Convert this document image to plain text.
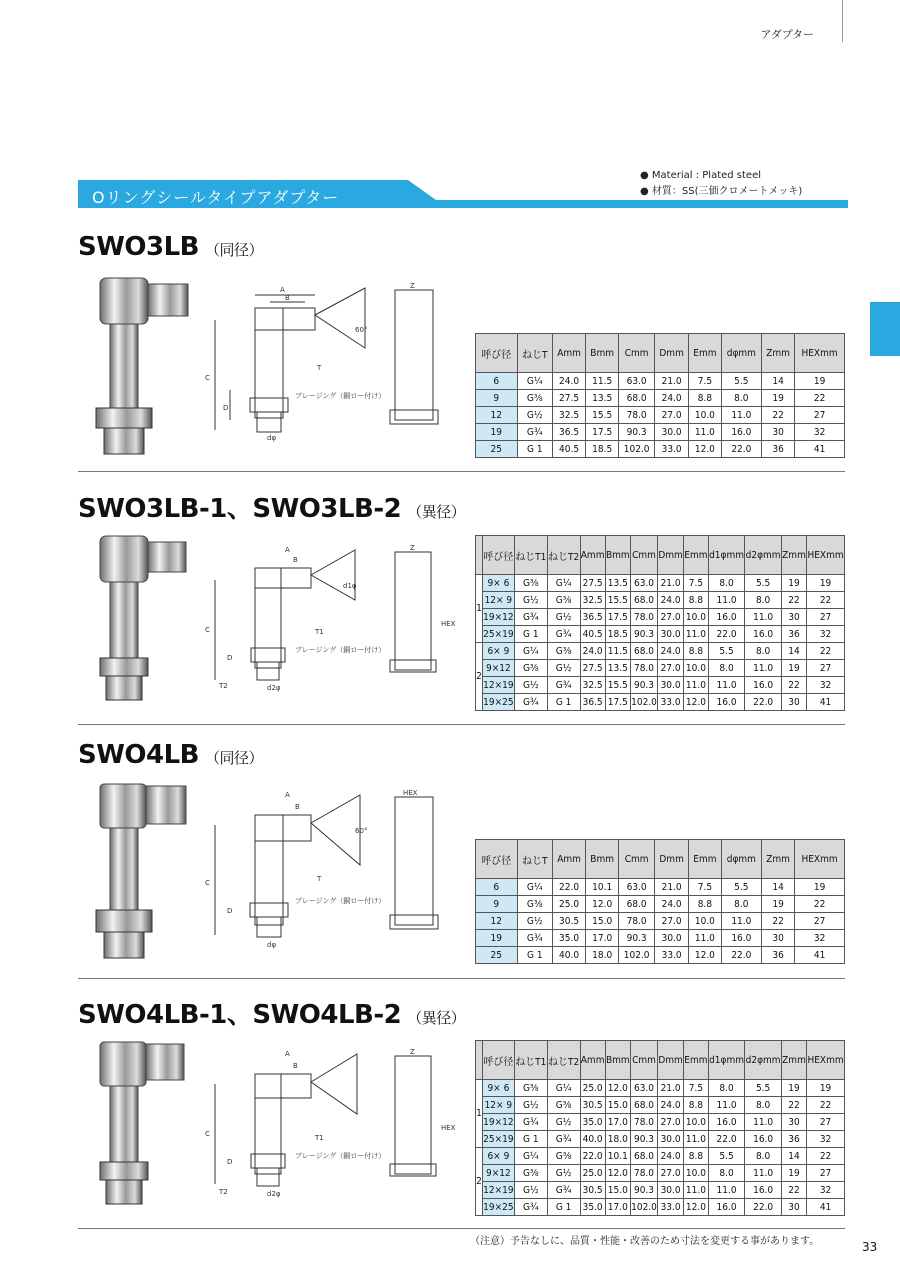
アダプター
Oリングシールタイプアダプター
● Material : Plated steel
● 材質：SS(三価クロメートメッキ)
SWO3LB （同径）
A
B
C
D
T
ブレージング（銅ロー付け）
Z
dφ
60°
呼び径	ねじT	Amm	Bmm	Cmm	Dmm	Emm	dφmm	Zmm	HEXmm
6	G¼	24.0	11.5	63.0	21.0	7.5	5.5	14	19
9	G⅜	27.5	13.5	68.0	24.0	8.8	8.0	19	22
12	G½	32.5	15.5	78.0	27.0	10.0	11.0	22	27
19	G¾	36.5	17.5	90.3	30.0	11.0	16.0	30	32
25	G 1	40.5	18.5	102.0	33.0	12.0	22.0	36	41
SWO3LB-1、SWO3LB-2 （異径）
A
B
C
D
T1
ブレージング（銅ロー付け）
T2	d2φ
d1φ
Z
HEX
	呼び径	ねじT1	ねじT2	Amm	Bmm	Cmm	Dmm	Emm	d1φmm	d2φmm	Zmm	HEXmm
1	9× 6	G⅜	G¼	27.5	13.5	63.0	21.0	7.5	8.0	5.5	19	19
	12× 9	G½	G⅜	32.5	15.5	68.0	24.0	8.8	11.0	8.0	22	22
	19×12	G¾	G½	36.5	17.5	78.0	27.0	10.0	16.0	11.0	30	27
	25×19	G 1	G¾	40.5	18.5	90.3	30.0	11.0	22.0	16.0	36	32
2	6× 9	G¼	G⅜	24.0	11.5	68.0	24.0	8.8	5.5	8.0	14	22
	9×12	G⅜	G½	27.5	13.5	78.0	27.0	10.0	8.0	11.0	19	27
	12×19	G½	G¾	32.5	15.5	90.3	30.0	11.0	11.0	16.0	22	32
	19×25	G¾	G 1	36.5	17.5	102.0	33.0	12.0	16.0	22.0	30	41
SWO4LB （同径）
A
B
C
D
T
ブレージング（銅ロー付け）
HEX
dφ
60°
呼び径	ねじT	Amm	Bmm	Cmm	Dmm	Emm	dφmm	Zmm	HEXmm
6	G¼	22.0	10.1	63.0	21.0	7.5	5.5	14	19
9	G⅜	25.0	12.0	68.0	24.0	8.8	8.0	19	22
12	G½	30.5	15.0	78.0	27.0	10.0	11.0	22	27
19	G¾	35.0	17.0	90.3	30.0	11.0	16.0	30	32
25	G 1	40.0	18.0	102.0	33.0	12.0	22.0	36	41
SWO4LB-1、SWO4LB-2 （異径）
A
B
C
D
T1
ブレージング（銅ロー付け）
T2	d2φ
Z
HEX
	呼び径	ねじT1	ねじT2	Amm	Bmm	Cmm	Dmm	Emm	d1φmm	d2φmm	Zmm	HEXmm
1	9× 6	G⅜	G¼	25.0	12.0	63.0	21.0	7.5	8.0	5.5	19	19
	12× 9	G½	G⅜	30.5	15.0	68.0	24.0	8.8	11.0	8.0	22	22
	19×12	G¾	G½	35.0	17.0	78.0	27.0	10.0	16.0	11.0	30	27
	25×19	G 1	G¾	40.0	18.0	90.3	30.0	11.0	22.0	16.0	36	32
2	6× 9	G¼	G⅜	22.0	10.1	68.0	24.0	8.8	5.5	8.0	14	22
	9×12	G⅜	G½	25.0	12.0	78.0	27.0	10.0	8.0	11.0	19	27
	12×19	G½	G¾	30.5	15.0	90.3	30.0	11.0	11.0	16.0	22	32
	19×25	G¾	G 1	35.0	17.0	102.0	33.0	12.0	16.0	22.0	30	41
（注意）予告なしに、品質・性能・改善のため寸法を変更する事があります。	33
